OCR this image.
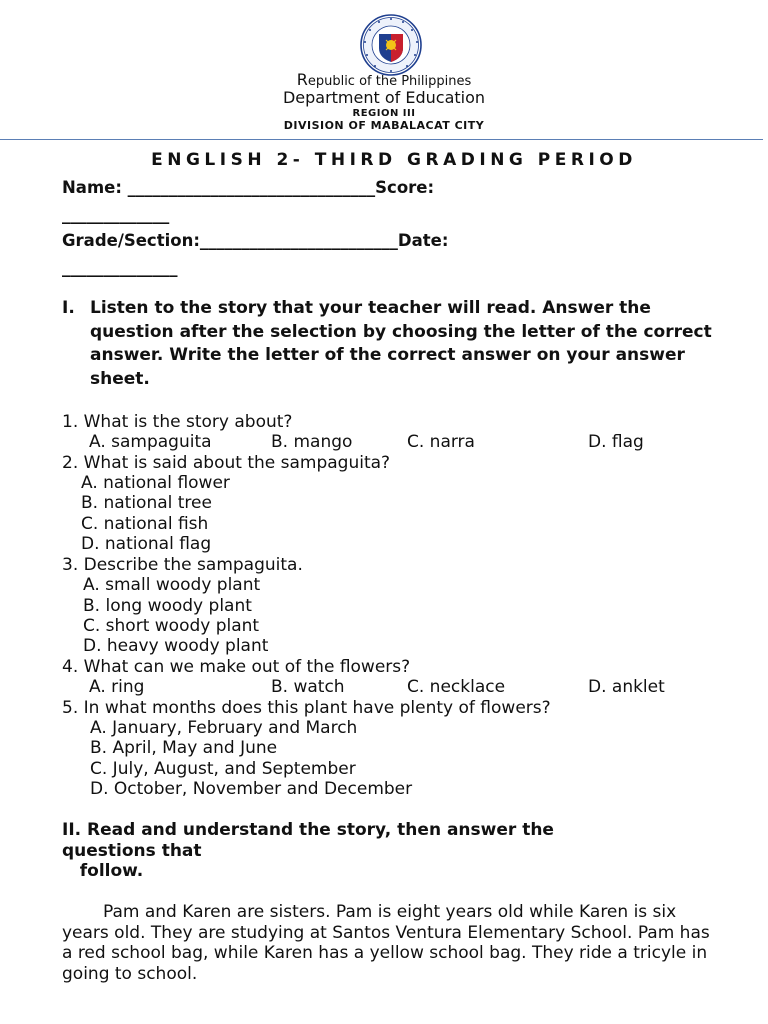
Republic of the Philippines
Department of Education
REGION III
DIVISION OF MABALACAT CITY
ENGLISH 2- THIRD GRADING PERIOD
Name: ______________________________Score:
_____________
Grade/Section:________________________Date:
______________
I. Listen to the story that your teacher will read. Answer the question after the selection by choosing the letter of the correct answer. Write the letter of the correct answer on your answer sheet.
1. What is the story about?
A. sampaguita	B. mango	C. narra	D. flag
2. What is said about the sampaguita?
A. national flower
B. national tree
C. national fish
D. national flag
3. Describe the sampaguita.
A. small woody plant
B. long woody plant
C. short woody plant
D. heavy woody plant
4. What can we make out of the flowers?
A. ring	B. watch	C. necklace	D. anklet
5. In what months does this plant have plenty of flowers?
A. January, February and March
B. April, May and June
C. July, August, and September
D. October, November and December
II. Read and understand the story, then answer the
questions that
follow.
Pam and Karen are sisters. Pam is eight years old while Karen is six years old. They are studying at Santos Ventura Elementary School. Pam has a red school bag, while Karen has a yellow school bag. They ride a tricyle in going to school.
